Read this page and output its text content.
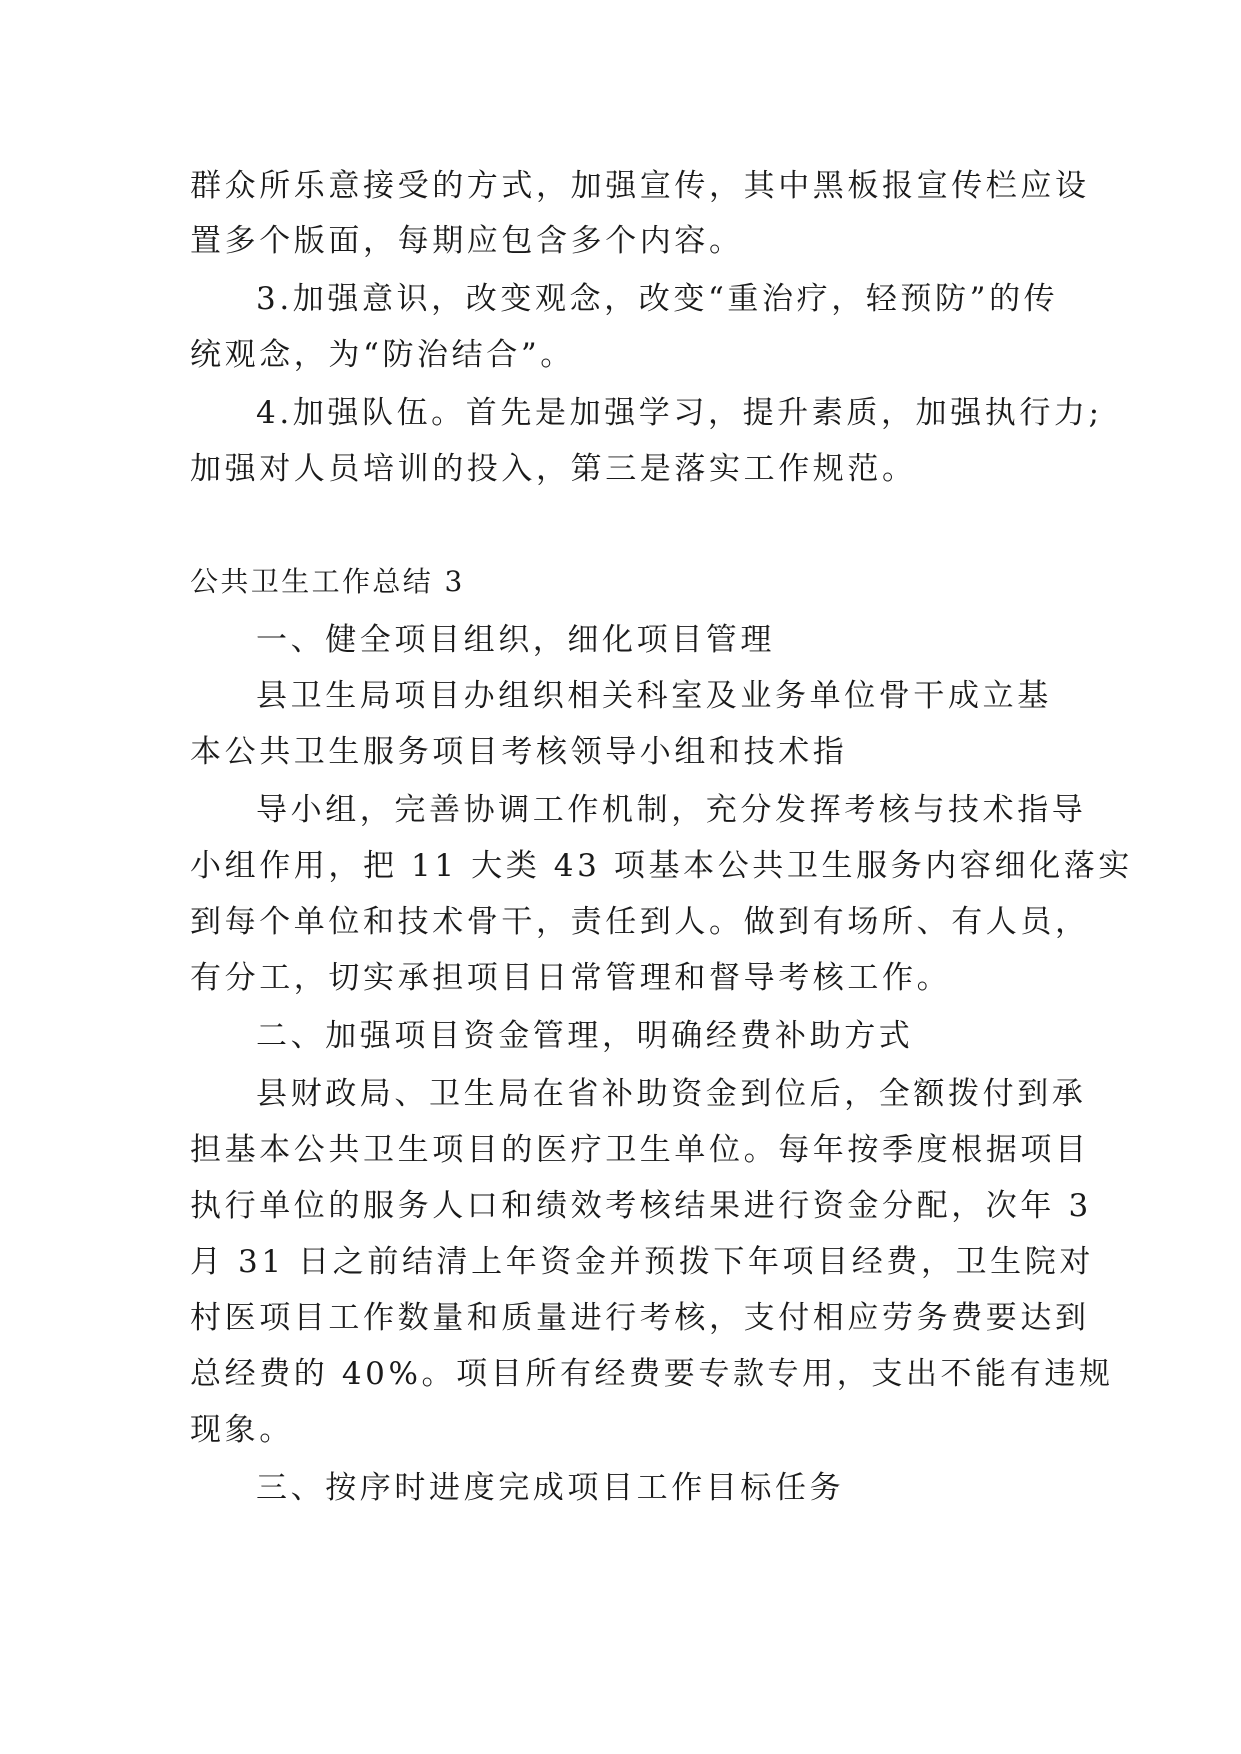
群众所乐意接受的方式，加强宣传，其中黑板报宣传栏应设
置多个版面，每期应包含多个内容。
3.加强意识，改变观念，改变“重治疗，轻预防”的传
统观念，为“防治结合”。
4.加强队伍。首先是加强学习，提升素质，加强执行力;
加强对人员培训的投入，第三是落实工作规范。
公共卫生工作总结 3
一、健全项目组织，细化项目管理
县卫生局项目办组织相关科室及业务单位骨干成立基
本公共卫生服务项目考核领导小组和技术指
导小组，完善协调工作机制，充分发挥考核与技术指导
小组作用，把 11 大类 43 项基本公共卫生服务内容细化落实
到每个单位和技术骨干，责任到人。做到有场所、有人员，
有分工，切实承担项目日常管理和督导考核工作。
二、加强项目资金管理，明确经费补助方式
县财政局、卫生局在省补助资金到位后，全额拨付到承
担基本公共卫生项目的医疗卫生单位。每年按季度根据项目
执行单位的服务人口和绩效考核结果进行资金分配，次年 3
月 31 日之前结清上年资金并预拨下年项目经费，卫生院对
村医项目工作数量和质量进行考核，支付相应劳务费要达到
总经费的 40%。项目所有经费要专款专用，支出不能有违规
现象。
三、按序时进度完成项目工作目标任务
